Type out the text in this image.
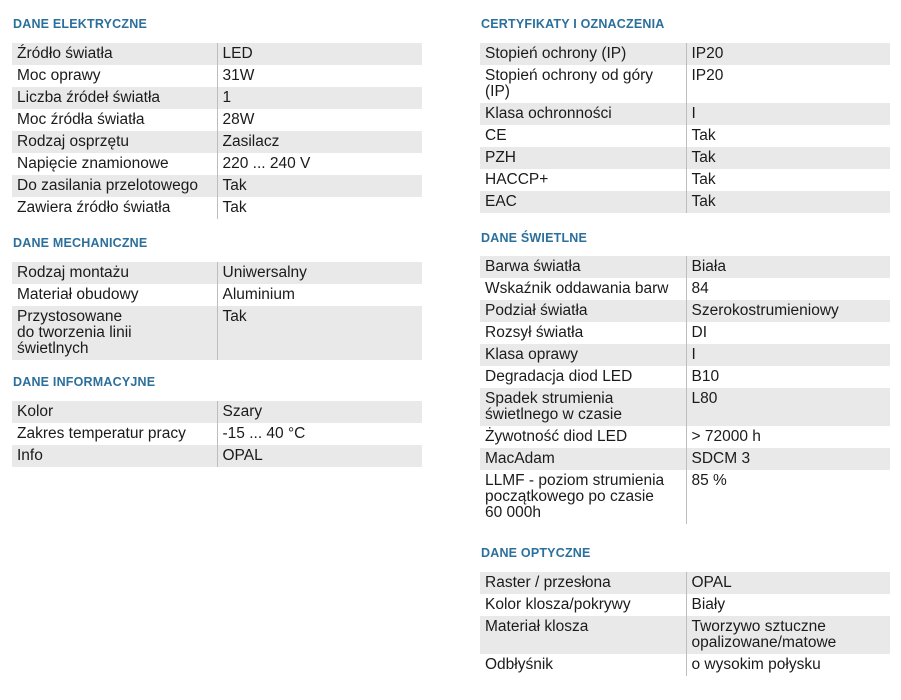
DANE ELEKTRYCZNE
Źródło światła	LED
Moc oprawy	31W
Liczba źródeł światła	1
Moc źródła światła	28W
Rodzaj osprzętu	Zasilacz
Napięcie znamionowe	220 ... 240 V
Do zasilania przelotowego	Tak
Zawiera źródło światła	Tak
DANE MECHANICZNE
Rodzaj montażu	Uniwersalny
Materiał obudowy	Aluminium
Przystosowane
do tworzenia linii
świetlnych	Tak
DANE INFORMACYJNE
Kolor	Szary
Zakres temperatur pracy	-15 ... 40 °C
Info	OPAL
CERTYFIKATY I OZNACZENIA
Stopień ochrony (IP)	IP20
Stopień ochrony od góry
(IP)	IP20
Klasa ochronności	I
CE	Tak
PZH	Tak
HACCP+	Tak
EAC	Tak
DANE ŚWIETLNE
Barwa światła	Biała
Wskaźnik oddawania barw	84
Podział światła	Szerokostrumieniowy
Rozsył światła	DI
Klasa oprawy	I
Degradacja diod LED	B10
Spadek strumienia
świetlnego w czasie	L80
Żywotność diod LED	> 72000 h
MacAdam	SDCM 3
LLMF - poziom strumienia
początkowego po czasie
60 000h	85 %
DANE OPTYCZNE
Raster / przesłona	OPAL
Kolor klosza/pokrywy	Biały
Materiał klosza	Tworzywo sztuczne
opalizowane/matowe
Odbłyśnik	o wysokim połysku
